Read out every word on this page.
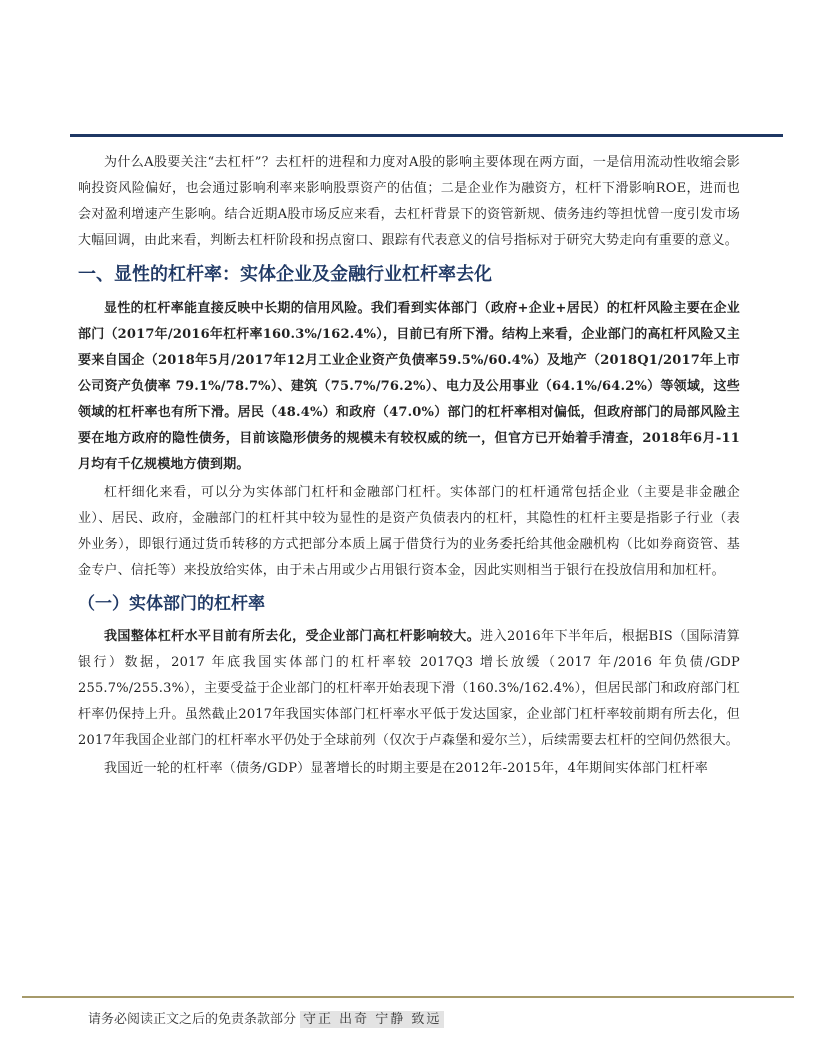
为什么A股要关注“去杠杆”？去杠杆的进程和力度对A股的影响主要体现在两方面，一是信用流动性收缩会影响投资风险偏好，也会通过影响利率来影响股票资产的估值；二是企业作为融资方，杠杆下滑影响ROE，进而也会对盈利增速产生影响。结合近期A股市场反应来看，去杠杆背景下的资管新规、债务违约等担忧曾一度引发市场大幅回调，由此来看，判断去杠杆阶段和拐点窗口、跟踪有代表意义的信号指标对于研究大势走向有重要的意义。

一、显性的杠杆率：实体企业及金融行业杠杆率去化

显性的杠杆率能直接反映中长期的信用风险。我们看到实体部门（政府+企业+居民）的杠杆风险主要在企业部门（2017年/2016年杠杆率160.3%/162.4%），目前已有所下滑。结构上来看，企业部门的高杠杆风险又主要来自国企（2018年5月/2017年12月工业企业资产负债率59.5%/60.4%）及地产（2018Q1/2017年上市公司资产负债率 79.1%/78.7%）、建筑（75.7%/76.2%）、电力及公用事业（64.1%/64.2%）等领域，这些领域的杠杆率也有所下滑。居民（48.4%）和政府（47.0%）部门的杠杆率相对偏低，但政府部门的局部风险主要在地方政府的隐性债务，目前该隐形债务的规模未有较权威的统一，但官方已开始着手清查，2018年6月-11月均有千亿规模地方债到期。

杠杆细化来看，可以分为实体部门杠杆和金融部门杠杆。实体部门的杠杆通常包括企业（主要是非金融企业）、居民、政府，金融部门的杠杆其中较为显性的是资产负债表内的杠杆，其隐性的杠杆主要是指影子行业（表外业务），即银行通过货币转移的方式把部分本质上属于借贷行为的业务委托给其他金融机构（比如券商资管、基金专户、信托等）来投放给实体，由于未占用或少占用银行资本金，因此实则相当于银行在投放信用和加杠杆。

（一）实体部门的杠杆率

我国整体杠杆水平目前有所去化，受企业部门高杠杆影响较大。进入2016年下半年后，根据BIS（国际清算银行）数据，2017 年底我国实体部门的杠杆率较 2017Q3 增长放缓（2017 年/2016 年负债/GDP 255.7%/255.3%），主要受益于企业部门的杠杆率开始表现下滑（160.3%/162.4%），但居民部门和政府部门杠杆率仍保持上升。虽然截止2017年我国实体部门杠杆率水平低于发达国家，企业部门杠杆率较前期有所去化，但2017年我国企业部门的杠杆率水平仍处于全球前列（仅次于卢森堡和爱尔兰），后续需要去杠杆的空间仍然很大。

我国近一轮的杠杆率（债务/GDP）显著增长的时期主要是在2012年-2015年，4年期间实体部门杠杆率

请务必阅读正文之后的免责条款部分 守正 出奇 宁静 致远
